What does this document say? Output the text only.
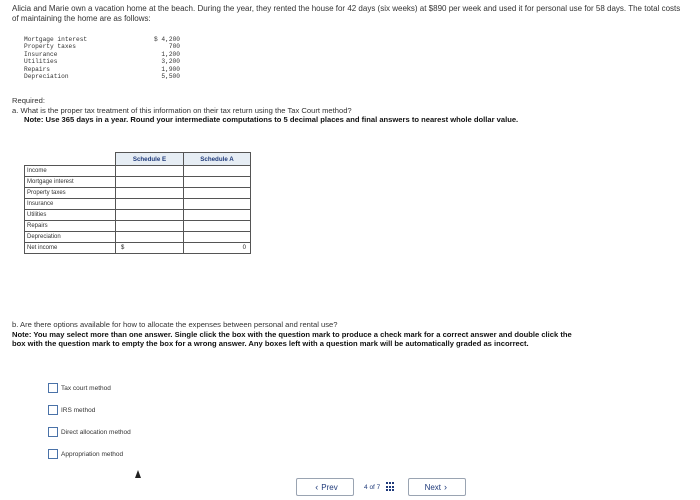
Alicia and Marie own a vacation home at the beach. During the year, they rented the house for 42 days (six weeks) at $890 per week and used it for personal use for 58 days. The total costs of maintaining the home are as follows:
Mortgage interest	$ 4,200
Property taxes	700
Insurance	1,200
Utilities	3,200
Repairs	1,900
Depreciation	5,500
Required:
a. What is the proper tax treatment of this information on their tax return using the Tax Court method?
Note: Use 365 days in a year. Round your intermediate computations to 5 decimal places and final answers to nearest whole dollar value.
	Schedule E	Schedule A
Income		
Mortgage interest		
Property taxes		
Insurance		
Utilities		
Repairs		
Depreciation		
Net income	$	0
b. Are there options available for how to allocate the expenses between personal and rental use?
Note: You may select more than one answer. Single click the box with the question mark to produce a check mark for a correct answer and double click the box with the question mark to empty the box for a wrong answer. Any boxes left with a question mark will be automatically graded as incorrect.
Tax court method
IRS method
Direct allocation method
Appropriation method
‹ Prev	4 of 7	Next ›
